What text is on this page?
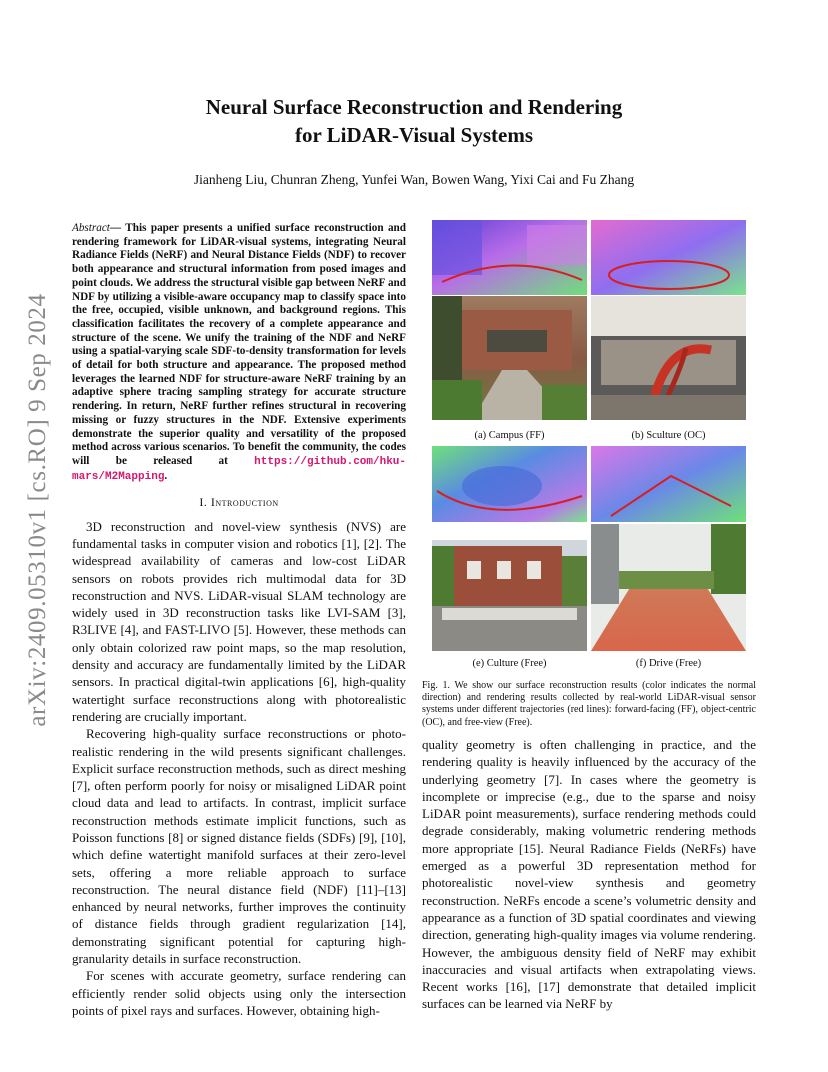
arXiv:2409.05310v1 [cs.RO] 9 Sep 2024
Neural Surface Reconstruction and Rendering
for LiDAR-Visual Systems
Jianheng Liu, Chunran Zheng, Yunfei Wan, Bowen Wang, Yixi Cai and Fu Zhang

Abstract— This paper presents a unified surface reconstruction and rendering framework for LiDAR-visual systems, integrating Neural Radiance Fields (NeRF) and Neural Distance Fields (NDF) to recover both appearance and structural information from posed images and point clouds. We address the structural visible gap between NeRF and NDF by utilizing a visible-aware occupancy map to classify space into the free, occupied, visible unknown, and background regions. This classification facilitates the recovery of a complete appearance and structure of the scene. We unify the training of the NDF and NeRF using a spatial-varying scale SDF-to-density transformation for levels of detail for both structure and appearance. The proposed method leverages the learned NDF for structure-aware NeRF training by an adaptive sphere tracing sampling strategy for accurate structure rendering. In return, NeRF further refines structural in recovering missing or fuzzy structures in the NDF. Extensive experiments demonstrate the superior quality and versatility of the proposed method across various scenarios. To benefit the community, the codes will be released at https://github.com/hku-mars/M2Mapping.

I. Introduction

3D reconstruction and novel-view synthesis (NVS) are fundamental tasks in computer vision and robotics [1], [2]. The widespread availability of cameras and low-cost LiDAR sensors on robots provides rich multimodal data for 3D reconstruction and NVS. LiDAR-visual SLAM technology are widely used in 3D reconstruction tasks like LVI-SAM [3], R3LIVE [4], and FAST-LIVO [5]. However, these methods can only obtain colorized raw point maps, so the map resolution, density and accuracy are fundamentally limited by the LiDAR sensors. In practical digital-twin applications [6], high-quality watertight surface reconstructions along with photorealistic rendering are crucially important.

Recovering high-quality surface reconstructions or photo-realistic rendering in the wild presents significant challenges. Explicit surface reconstruction methods, such as direct meshing [7], often perform poorly for noisy or misaligned LiDAR point cloud data and lead to artifacts. In contrast, implicit surface reconstruction methods estimate implicit functions, such as Poisson functions [8] or signed distance fields (SDFs) [9], [10], which define watertight manifold surfaces at their zero-level sets, offering a more reliable approach to surface reconstruction. The neural distance field (NDF) [11]–[13] enhanced by neural networks, further improves the continuity of distance fields through gradient regularization [14], demonstrating significant potential for capturing high-granularity details in surface reconstruction.

For scenes with accurate geometry, surface rendering can efficiently render solid objects using only the intersection points of pixel rays and surfaces. However, obtaining high-

(a) Campus (FF)	(b) Sculture (OC)
(e) Culture (Free)	(f) Drive (Free)
Fig. 1. We show our surface reconstruction results (color indicates the normal direction) and rendering results collected by real-world LiDAR-visual sensor systems under different trajectories (red lines): forward-facing (FF), object-centric (OC), and free-view (Free).

quality geometry is often challenging in practice, and the rendering quality is heavily influenced by the accuracy of the underlying geometry [7]. In cases where the geometry is incomplete or imprecise (e.g., due to the sparse and noisy LiDAR point measurements), surface rendering methods could degrade considerably, making volumetric rendering methods more appropriate [15]. Neural Radiance Fields (NeRFs) have emerged as a powerful 3D representation method for photorealistic novel-view synthesis and geometry reconstruction. NeRFs encode a scene’s volumetric density and appearance as a function of 3D spatial coordinates and viewing direction, generating high-quality images via volume rendering. However, the ambiguous density field of NeRF may exhibit inaccuracies and visual artifacts when extrapolating views. Recent works [16], [17] demonstrate that detailed implicit surfaces can be learned via NeRF by
